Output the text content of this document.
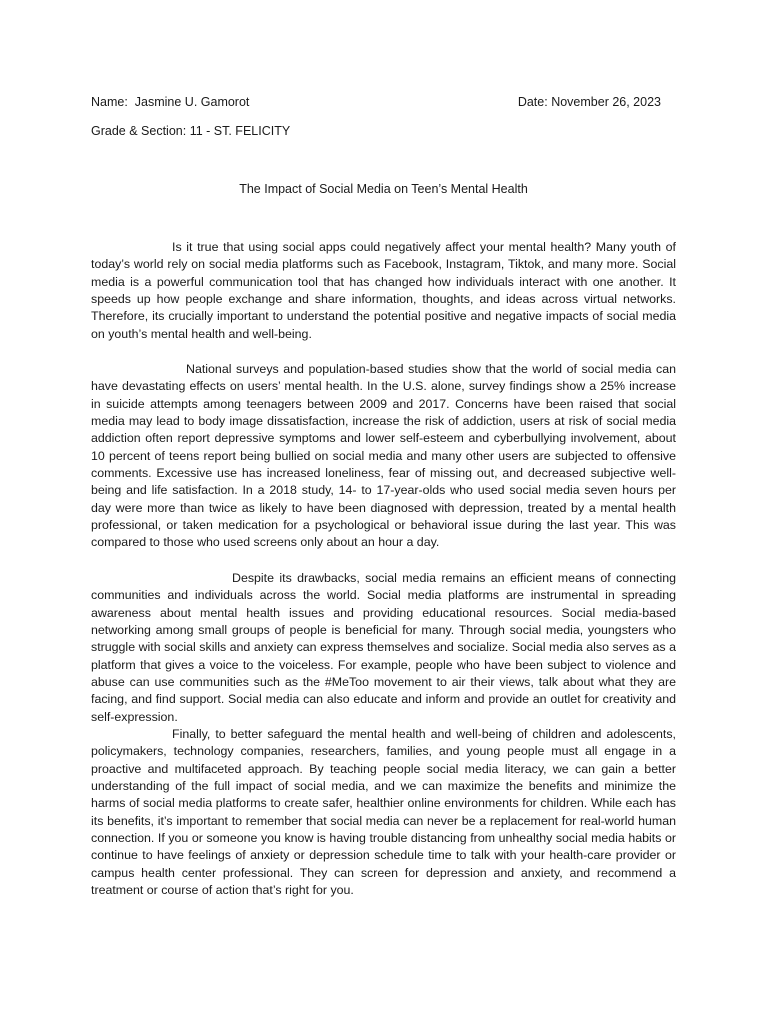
Name: Jasmine U. Gamorot	Date: November 26, 2023
Grade & Section: 11 - ST. FELICITY
The Impact of Social Media on Teen’s Mental Health

Is it true that using social apps could negatively affect your mental health? Many youth of today’s world rely on social media platforms such as Facebook, Instagram, Tiktok, and many more. Social media is a powerful communication tool that has changed how individuals interact with one another. It speeds up how people exchange and share information, thoughts, and ideas across virtual networks. Therefore, its crucially important to understand the potential positive and negative impacts of social media on youth’s mental health and well-being.

National surveys and population-based studies show that the world of social media can have devastating effects on users’ mental health. In the U.S. alone, survey findings show a 25% increase in suicide attempts among teenagers between 2009 and 2017. Concerns have been raised that social media may lead to body image dissatisfaction, increase the risk of addiction, users at risk of social media addiction often report depressive symptoms and lower self-esteem and cyberbullying involvement, about 10 percent of teens report being bullied on social media and many other users are subjected to offensive comments. Excessive use has increased loneliness, fear of missing out, and decreased subjective well-being and life satisfaction. In a 2018 study, 14- to 17-year-olds who used social media seven hours per day were more than twice as likely to have been diagnosed with depression, treated by a mental health professional, or taken medication for a psychological or behavioral issue during the last year. This was compared to those who used screens only about an hour a day.

Despite its drawbacks, social media remains an efficient means of connecting communities and individuals across the world. Social media platforms are instrumental in spreading awareness about mental health issues and providing educational resources. Social media-based networking among small groups of people is beneficial for many. Through social media, youngsters who struggle with social skills and anxiety can express themselves and socialize. Social media also serves as a platform that gives a voice to the voiceless. For example, people who have been subject to violence and abuse can use communities such as the #MeToo movement to air their views, talk about what they are facing, and find support. Social media can also educate and inform and provide an outlet for creativity and self-expression.

Finally, to better safeguard the mental health and well-being of children and adolescents, policymakers, technology companies, researchers, families, and young people must all engage in a proactive and multifaceted approach. By teaching people social media literacy, we can gain a better understanding of the full impact of social media, and we can maximize the benefits and minimize the harms of social media platforms to create safer, healthier online environments for children. While each has its benefits, it’s important to remember that social media can never be a replacement for real-world human connection. If you or someone you know is having trouble distancing from unhealthy social media habits or continue to have feelings of anxiety or depression schedule time to talk with your health-care provider or campus health center professional. They can screen for depression and anxiety, and recommend a treatment or course of action that’s right for you.
